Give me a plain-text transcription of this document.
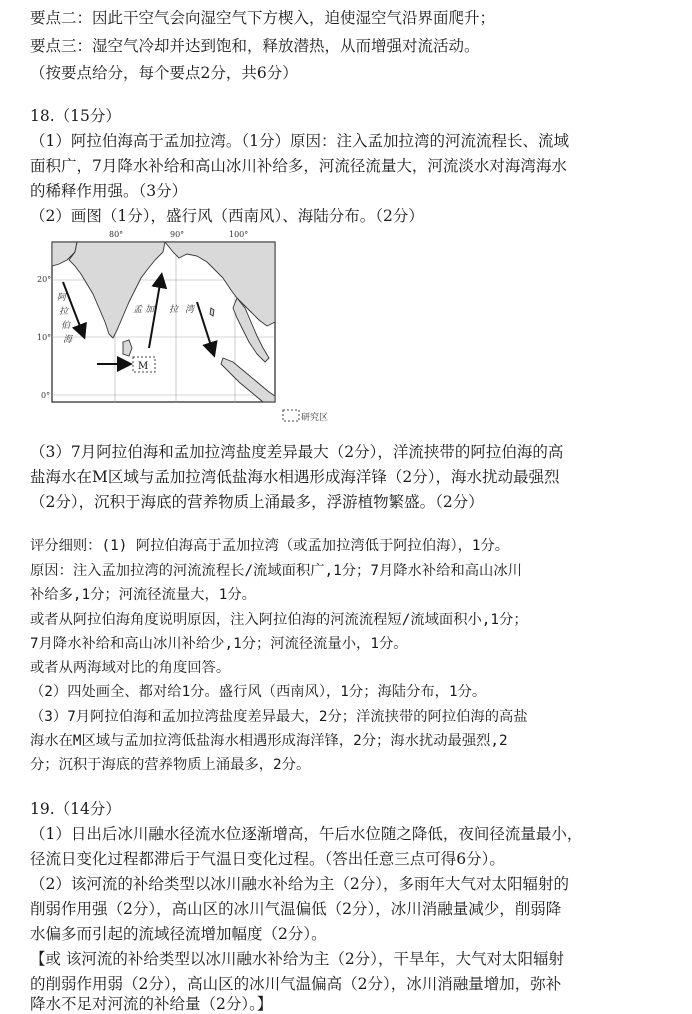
要点二：因此干空气会向湿空气下方楔入，迫使湿空气沿界面爬升；
要点三：湿空气冷却并达到饱和，释放潜热，从而增强对流活动。
（按要点给分，每个要点2分，共6分）
18.（15分）
（1）阿拉伯海高于孟加拉湾。（1分）原因：注入孟加拉湾的河流流程长、流域
面积广，7月降水补给和高山冰川补给多，河流径流量大，河流淡水对海湾海水
的稀释作用强。（3分）
（2）画图（1分），盛行风（西南风）、海陆分布。（2分）
80°	90°	100°
20°
10°
0°
阿
拉
伯
海
孟 加 拉 湾
M
研究区
（3）7月阿拉伯海和孟加拉湾盐度差异最大（2分），洋流挟带的阿拉伯海的高
盐海水在M区域与孟加拉湾低盐海水相遇形成海洋锋（2分），海水扰动最强烈
（2分），沉积于海底的营养物质上涌最多，浮游植物繁盛。（2分）
评分细则：(1) 阿拉伯海高于孟加拉湾（或孟加拉湾低于阿拉伯海），1分。
原因：注入孟加拉湾的河流流程长/流域面积广,1分；7月降水补给和高山冰川
补给多,1分；河流径流量大，1分。
或者从阿拉伯海角度说明原因，注入阿拉伯海的河流流程短/流域面积小,1分；
7月降水补给和高山冰川补给少,1分；河流径流量小，1分。
或者从两海域对比的角度回答。
（2）四处画全、都对给1分。盛行风（西南风），1分；海陆分布，1分。
（3）7月阿拉伯海和孟加拉湾盐度差异最大，2分；洋流挟带的阿拉伯海的高盐
海水在M区域与孟加拉湾低盐海水相遇形成海洋锋，2分；海水扰动最强烈,2
分；沉积于海底的营养物质上涌最多，2分。
19.（14分）
（1）日出后冰川融水径流水位逐渐增高，午后水位随之降低，夜间径流量最小，
径流日变化过程都滞后于气温日变化过程。（答出任意三点可得6分）。
（2）该河流的补给类型以冰川融水补给为主（2分），多雨年大气对太阳辐射的
削弱作用强（2分），高山区的冰川气温偏低（2分），冰川消融量减少，削弱降
水偏多而引起的流域径流增加幅度（2分）。
【或 该河流的补给类型以冰川融水补给为主（2分），干旱年，大气对太阳辐射
的削弱作用弱（2分），高山区的冰川气温偏高（2分），冰川消融量增加，弥补
降水不足对河流的补给量（2分）。】
